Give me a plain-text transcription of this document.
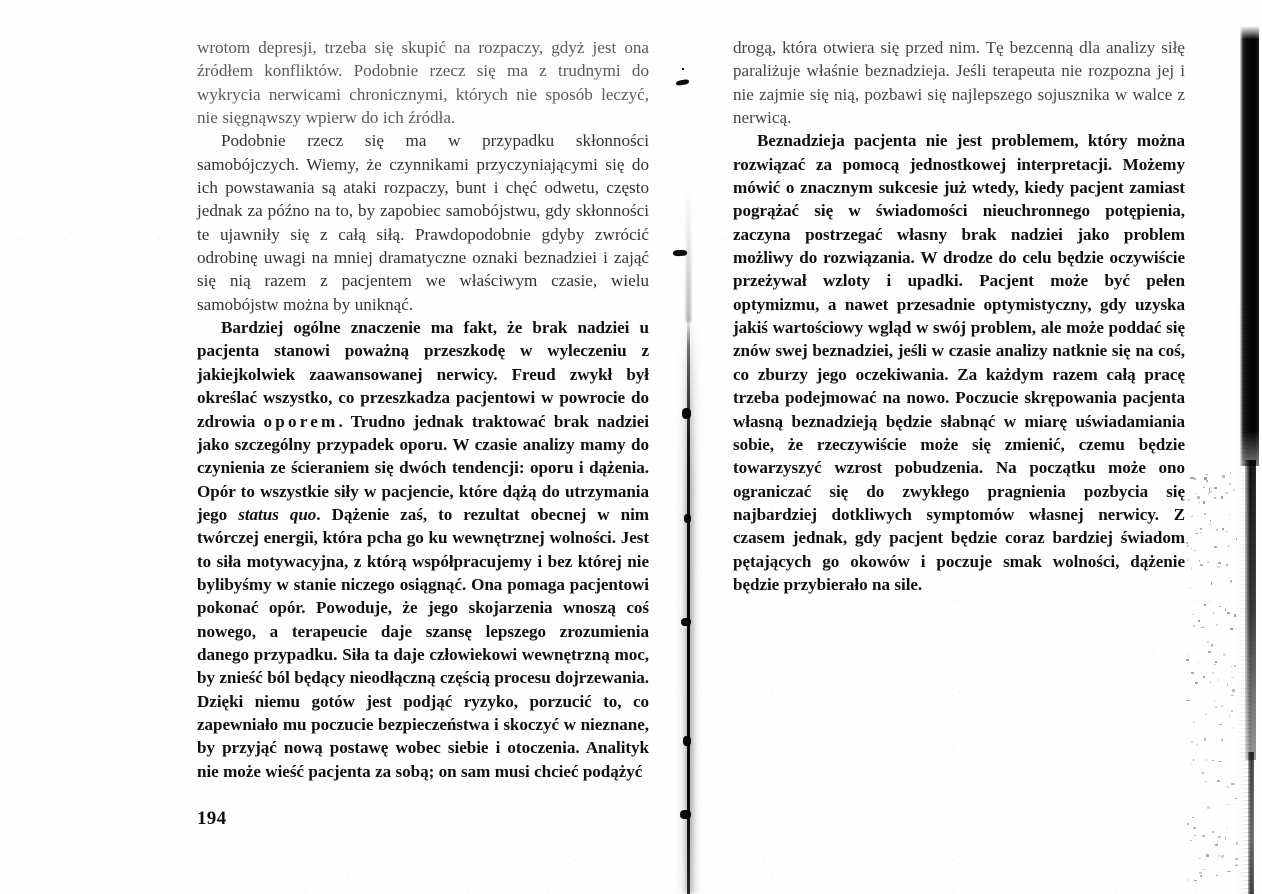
wrotom depresji, trzeba się skupić na rozpaczy, gdyż jest ona źródłem konfliktów. Podobnie rzecz się ma z trudnymi do wykrycia nerwicami chronicznymi, których nie sposób leczyć, nie sięgnąwszy wpierw do ich źródła.

Podobnie rzecz się ma w przypadku skłonności samobójczych. Wiemy, że czynnikami przyczyniającymi się do ich powstawania są ataki rozpaczy, bunt i chęć odwetu, często jednak za późno na to, by zapobiec samobójstwu, gdy skłonności te ujawniły się z całą siłą. Prawdopodobnie gdyby zwrócić odrobinę uwagi na mniej dramatyczne oznaki beznadziei i zająć się nią razem z pacjentem we właściwym czasie, wielu samobójstw można by uniknąć.

Bardziej ogólne znaczenie ma fakt, że brak nadziei u pacjenta stanowi poważną przeszkodę w wyleczeniu z jakiejkolwiek zaawansowanej nerwicy. Freud zwykł był określać wszystko, co przeszkadza pacjentowi w powrocie do zdrowia oporem. Trudno jednak traktować brak nadziei jako szczególny przypadek oporu. W czasie analizy mamy do czynienia ze ścieraniem się dwóch tendencji: oporu i dążenia. Opór to wszystkie siły w pacjencie, które dążą do utrzymania jego status quo. Dążenie zaś, to rezultat obecnej w nim twórczej energii, która pcha go ku wewnętrznej wolności. Jest to siła motywacyjna, z którą współpracujemy i bez której nie bylibyśmy w stanie niczego osiągnąć. Ona pomaga pacjentowi pokonać opór. Powoduje, że jego skojarzenia wnoszą coś nowego, a terapeucie daje szansę lepszego zrozumienia danego przypadku. Siła ta daje człowiekowi wewnętrzną moc, by znieść ból będący nieodłączną częścią procesu dojrzewania. Dzięki niemu gotów jest podjąć ryzyko, porzucić to, co zapewniało mu poczucie bezpieczeństwa i skoczyć w nieznane, by przyjąć nową postawę wobec siebie i otoczenia. Analityk nie może wieść pacjenta za sobą; on sam musi chcieć podążyć

drogą, która otwiera się przed nim. Tę bezcenną dla analizy siłę paraliżuje właśnie beznadzieja. Jeśli terapeuta nie rozpozna jej i nie zajmie się nią, pozbawi się najlepszego sojusznika w walce z nerwicą.

Beznadzieja pacjenta nie jest problemem, który można rozwiązać za pomocą jednostkowej interpretacji. Możemy mówić o znacznym sukcesie już wtedy, kiedy pacjent zamiast pogrążać się w świadomości nieuchronnego potępienia, zaczyna postrzegać własny brak nadziei jako problem możliwy do rozwiązania. W drodze do celu będzie oczywiście przeżywał wzloty i upadki. Pacjent może być pełen optymizmu, a nawet przesadnie optymistyczny, gdy uzyska jakiś wartościowy wgląd w swój problem, ale może poddać się znów swej beznadziei, jeśli w czasie analizy natknie się na coś, co zburzy jego oczekiwania. Za każdym razem całą pracę trzeba podejmować na nowo. Poczucie skrępowania pacjenta własną beznadzieją będzie słabnąć w miarę uświadamiania sobie, że rzeczywiście może się zmienić, czemu będzie towarzyszyć wzrost pobudzenia. Na początku może ono ograniczać się do zwykłego pragnienia pozbycia się najbardziej dotkliwych symptomów własnej nerwicy. Z czasem jednak, gdy pacjent będzie coraz bardziej świadom pętających go okowów i poczuje smak wolności, dążenie będzie przybierało na sile.

194
